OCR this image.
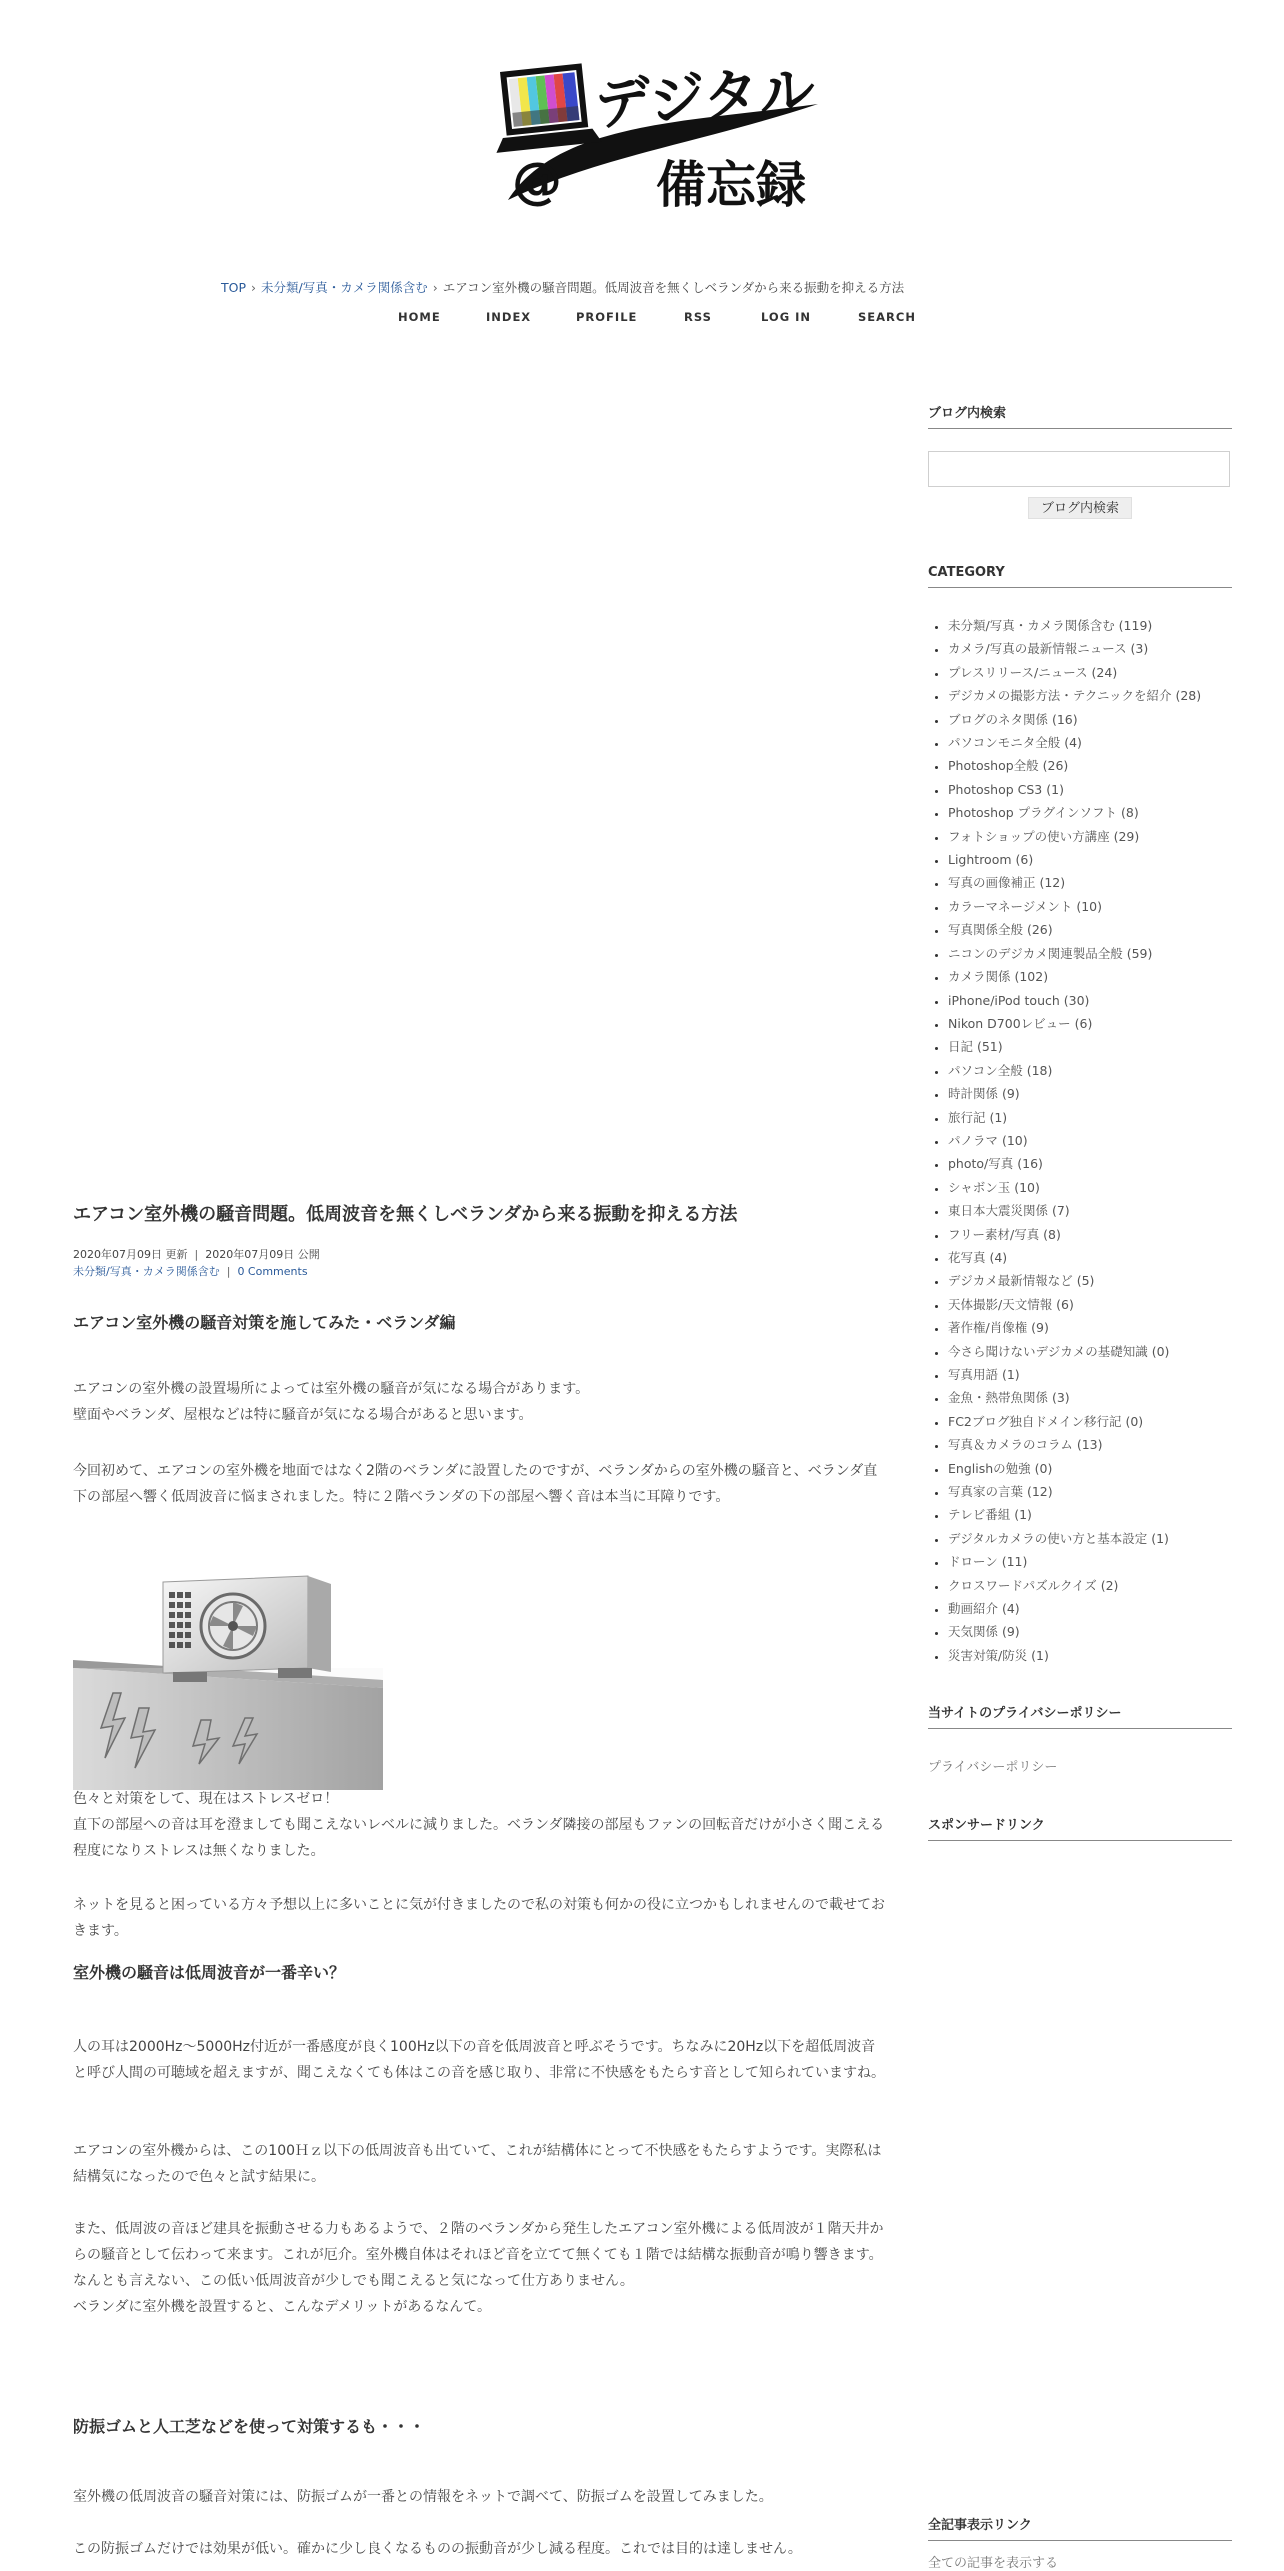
@
デジタル
備忘録
TOP › 未分類/写真・カメラ関係含む › エアコン室外機の騒音問題。低周波音を無くしベランダから来る振動を抑える方法
HOME	INDEX	PROFILE	RSS	LOG IN	SEARCH
エアコン室外機の騒音問題。低周波音を無くしベランダから来る振動を抑える方法
2020年07月09日 更新 | 2020年07月09日 公開
未分類/写真・カメラ関係含む | 0 Comments
エアコン室外機の騒音対策を施してみた・ベランダ編

エアコンの室外機の設置場所によっては室外機の騒音が気になる場合があります。

壁面やベランダ、屋根などは特に騒音が気になる場合があると思います。

今回初めて、エアコンの室外機を地面ではなく2階のベランダに設置したのですが、ベランダからの室外機の騒音と、ベランダ直下の部屋へ響く低周波音に悩まされました。特に２階ベランダの下の部屋へ響く音は本当に耳障りです。

色々と対策をして、現在はストレスゼロ！

直下の部屋への音は耳を澄ましても聞こえないレベルに減りました。ベランダ隣接の部屋もファンの回転音だけが小さく聞こえる程度になりストレスは無くなりました。

ネットを見ると困っている方々予想以上に多いことに気が付きましたので私の対策も何かの役に立つかもしれませんので載せておきます。

室外機の騒音は低周波音が一番辛い？

人の耳は2000Hz～5000Hz付近が一番感度が良く100Hz以下の音を低周波音と呼ぶそうです。ちなみに20Hz以下を超低周波音と呼び人間の可聴域を超えますが、聞こえなくても体はこの音を感じ取り、非常に不快感をもたらす音として知られていますね。

エアコンの室外機からは、この100Ｈｚ以下の低周波音も出ていて、これが結構体にとって不快感をもたらすようです。実際私は結構気になったので色々と試す結果に。

また、低周波の音ほど建具を振動させる力もあるようで、２階のベランダから発生したエアコン室外機による低周波が１階天井からの騒音として伝わって来ます。これが厄介。室外機自体はそれほど音を立てて無くても１階では結構な振動音が鳴り響きます。

なんとも言えない、この低い低周波音が少しでも聞こえると気になって仕方ありません。

ベランダに室外機を設置すると、こんなデメリットがあるなんて。

防振ゴムと人工芝などを使って対策するも・・・

室外機の低周波音の騒音対策には、防振ゴムが一番との情報をネットで調べて、防振ゴムを設置してみました。

この防振ゴムだけでは効果が低い。確かに少し良くなるものの振動音が少し減る程度。これでは目的は達しません。

ブログ内検索
ブログ内検索
CATEGORY
• 未分類/写真・カメラ関係含む (119)
• カメラ/写真の最新情報ニュース (3)
• プレスリリース/ニュース (24)
• デジカメの撮影方法・テクニックを紹介 (28)
• ブログのネタ関係 (16)
• パソコンモニタ全般 (4)
• Photoshop全般 (26)
• Photoshop CS3 (1)
• Photoshop プラグインソフト (8)
• フォトショップの使い方講座 (29)
• Lightroom (6)
• 写真の画像補正 (12)
• カラーマネージメント (10)
• 写真関係全般 (26)
• ニコンのデジカメ関連製品全般 (59)
• カメラ関係 (102)
• iPhone/iPod touch (30)
• Nikon D700レビュー (6)
• 日記 (51)
• パソコン全般 (18)
• 時計関係 (9)
• 旅行記 (1)
• パノラマ (10)
• photo/写真 (16)
• シャボン玉 (10)
• 東日本大震災関係 (7)
• フリー素材/写真 (8)
• 花写真 (4)
• デジカメ最新情報など (5)
• 天体撮影/天文情報 (6)
• 著作権/肖像権 (9)
• 今さら聞けないデジカメの基礎知識 (0)
• 写真用語 (1)
• 金魚・熱帯魚関係 (3)
• FC2ブログ独自ドメイン移行記 (0)
• 写真＆カメラのコラム (13)
• Englishの勉強 (0)
• 写真家の言葉 (12)
• テレビ番組 (1)
• デジタルカメラの使い方と基本設定 (1)
• ドローン (11)
• クロスワードパズルクイズ (2)
• 動画紹介 (4)
• 天気関係 (9)
• 災害対策/防災 (1)
当サイトのプライバシーポリシー
プライバシーポリシー
スポンサードリンク
全記事表示リンク
全ての記事を表示する
